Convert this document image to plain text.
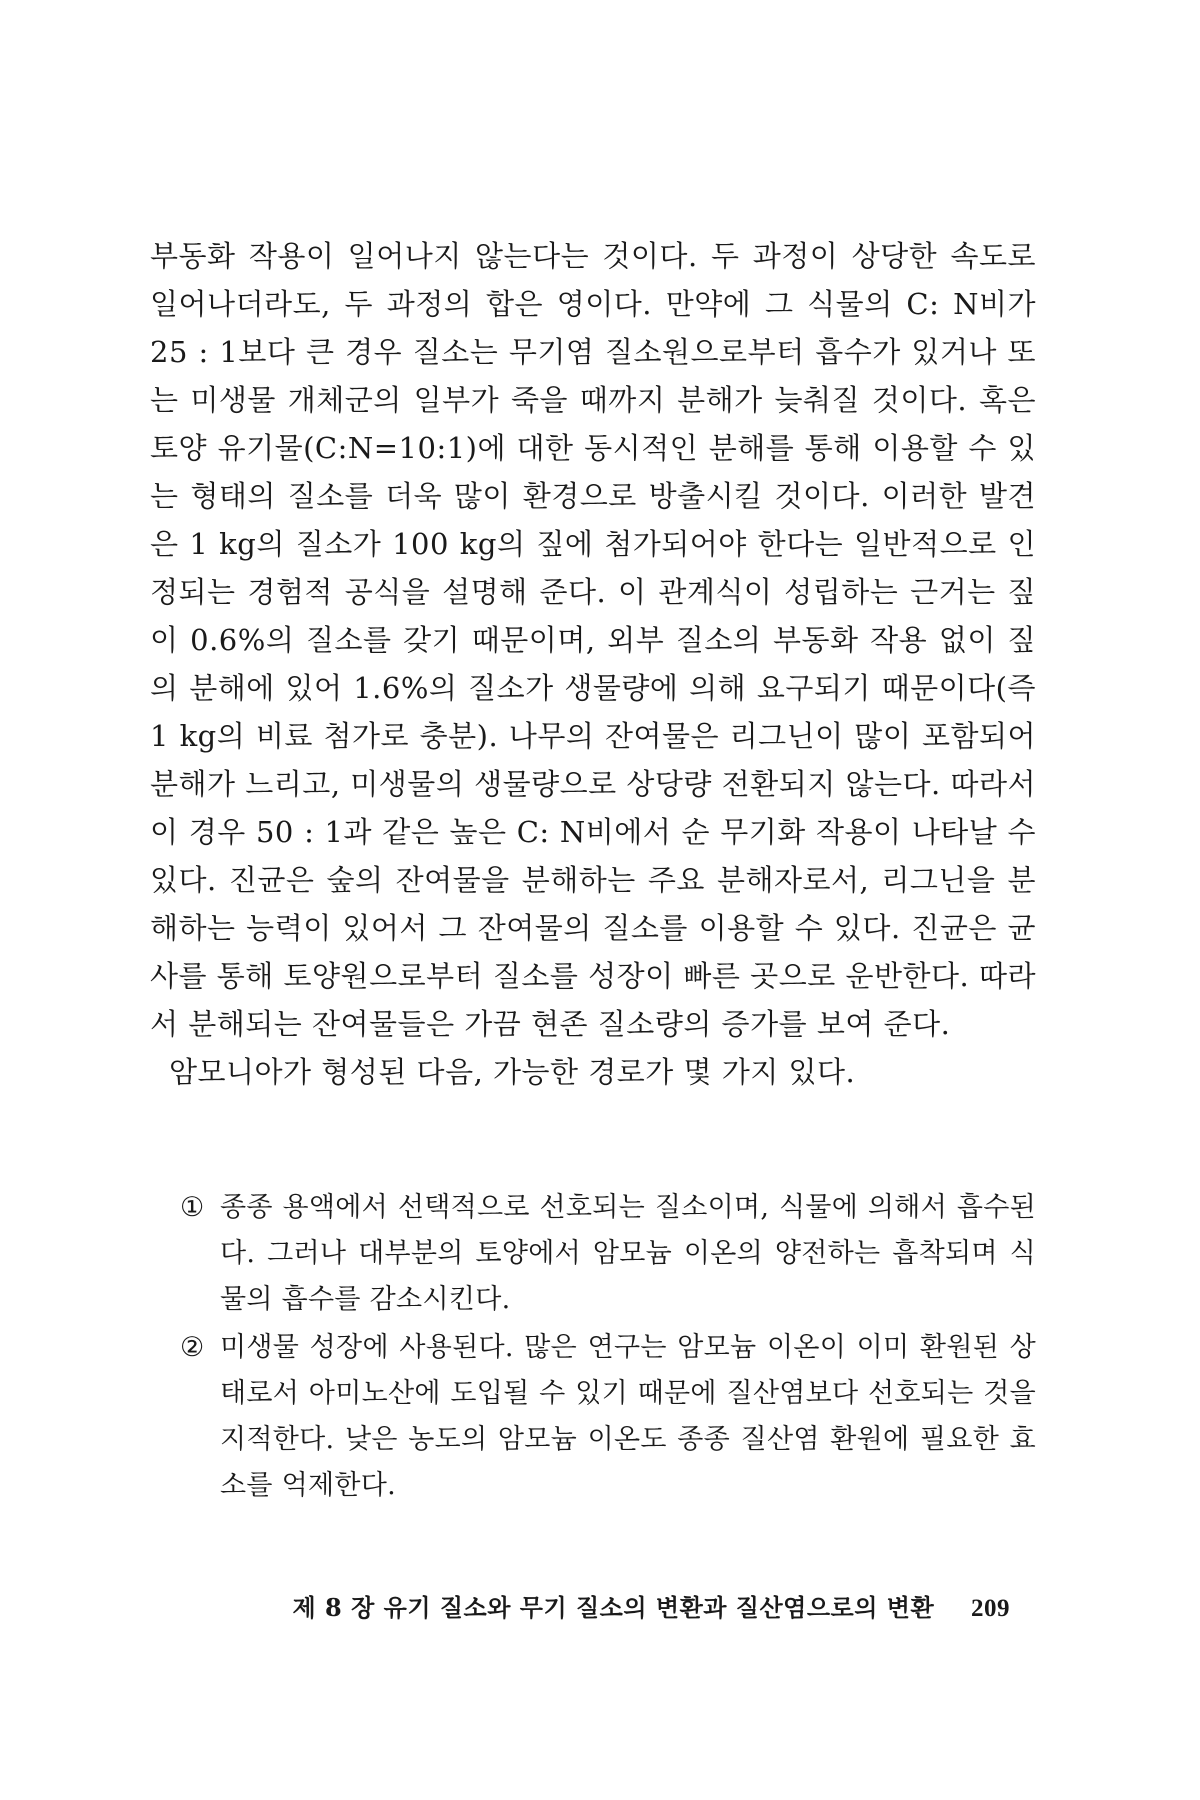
부동화 작용이 일어나지 않는다는 것이다. 두 과정이 상당한 속도로 일어나더라도, 두 과정의 합은 영이다. 만약에 그 식물의 C: N비가 25 : 1보다 큰 경우 질소는 무기염 질소원으로부터 흡수가 있거나 또는 미생물 개체군의 일부가 죽을 때까지 분해가 늦춰질 것이다. 혹은 토양 유기물(C:N=10:1)에 대한 동시적인 분해를 통해 이용할 수 있는 형태의 질소를 더욱 많이 환경으로 방출시킬 것이다. 이러한 발견은 1 kg의 질소가 100 kg의 짚에 첨가되어야 한다는 일반적으로 인정되는 경험적 공식을 설명해 준다. 이 관계식이 성립하는 근거는 짚이 0.6%의 질소를 갖기 때문이며, 외부 질소의 부동화 작용 없이 짚의 분해에 있어 1.6%의 질소가 생물량에 의해 요구되기 때문이다(즉 1 kg의 비료 첨가로 충분). 나무의 잔여물은 리그닌이 많이 포함되어 분해가 느리고, 미생물의 생물량으로 상당량 전환되지 않는다. 따라서 이 경우 50 : 1과 같은 높은 C: N비에서 순 무기화 작용이 나타날 수 있다. 진균은 숲의 잔여물을 분해하는 주요 분해자로서, 리그닌을 분해하는 능력이 있어서 그 잔여물의 질소를 이용할 수 있다. 진균은 균사를 통해 토양원으로부터 질소를 성장이 빠른 곳으로 운반한다. 따라서 분해되는 잔여물들은 가끔 현존 질소량의 증가를 보여 준다.

암모니아가 형성된 다음, 가능한 경로가 몇 가지 있다.

① 종종 용액에서 선택적으로 선호되는 질소이며, 식물에 의해서 흡수된다. 그러나 대부분의 토양에서 암모늄 이온의 양전하는 흡착되며 식물의 흡수를 감소시킨다.
② 미생물 성장에 사용된다. 많은 연구는 암모늄 이온이 이미 환원된 상태로서 아미노산에 도입될 수 있기 때문에 질산염보다 선호되는 것을 지적한다. 낮은 농도의 암모늄 이온도 종종 질산염 환원에 필요한 효소를 억제한다.
제 8 장 유기 질소와 무기 질소의 변환과 질산염으로의 변환 209
